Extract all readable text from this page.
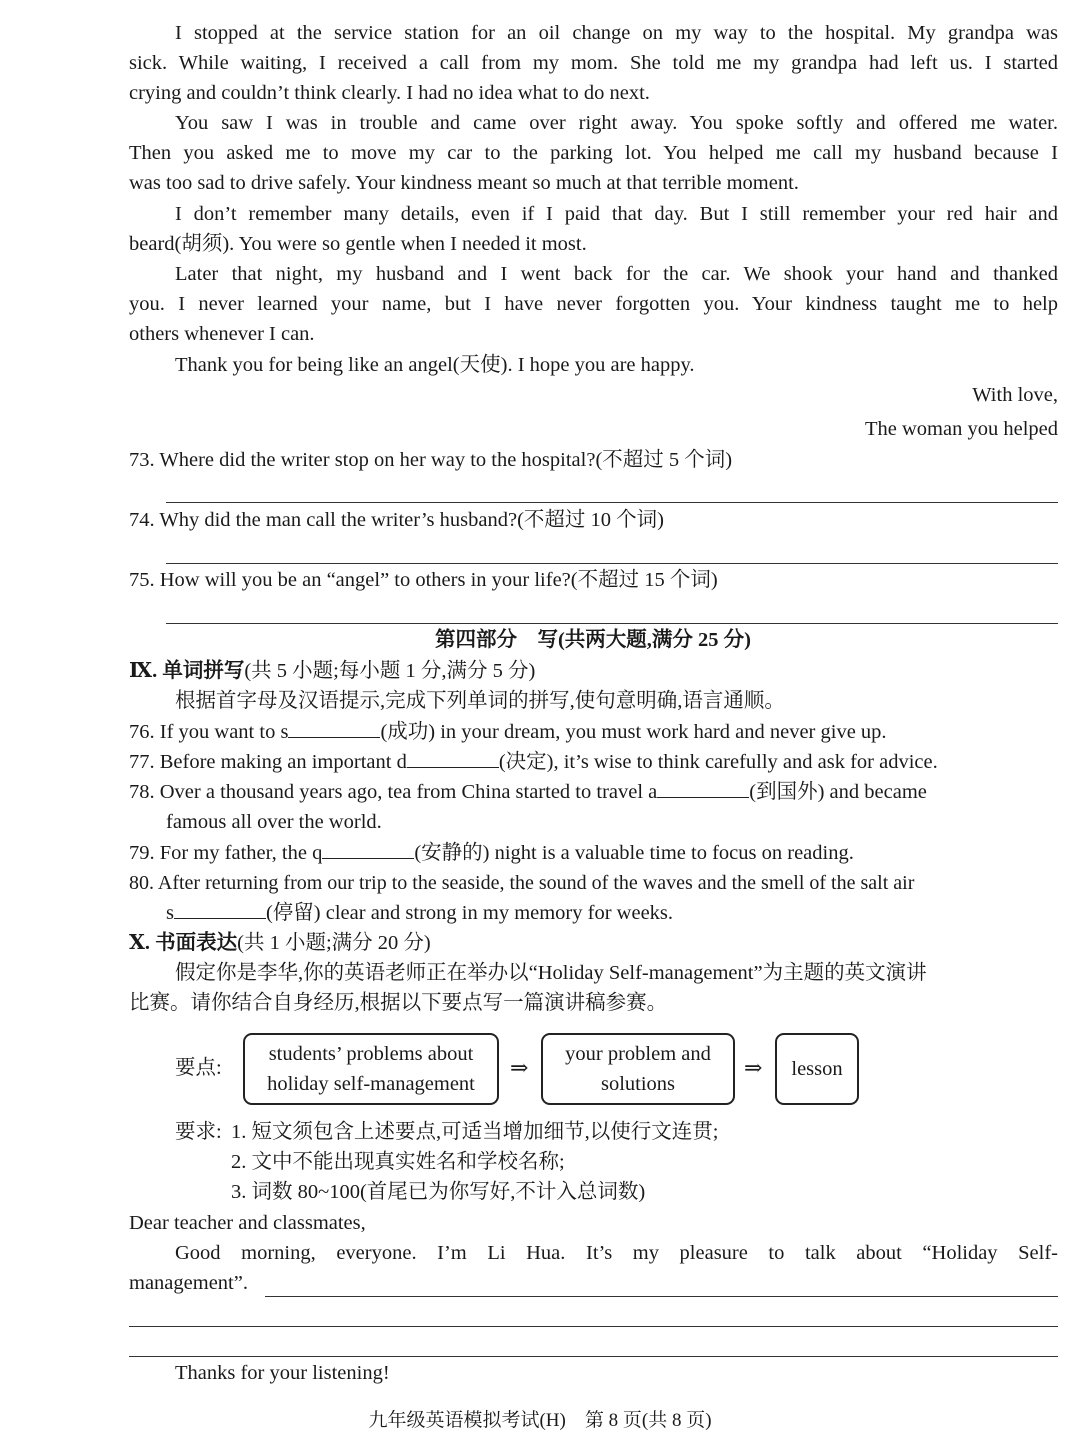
I stopped at the service station for an oil change on my way to the hospital. My grandpa was
sick. While waiting, I received a call from my mom. She told me my grandpa had left us. I started
crying and couldn’t think clearly. I had no idea what to do next.
You saw I was in trouble and came over right away. You spoke softly and offered me water.
Then you asked me to move my car to the parking lot. You helped me call my husband because I
was too sad to drive safely. Your kindness meant so much at that terrible moment.
I don’t remember many details, even if I paid that day. But I still remember your red hair and
beard(胡须). You were so gentle when I needed it most.
Later that night, my husband and I went back for the car. We shook your hand and thanked
you. I never learned your name, but I have never forgotten you. Your kindness taught me to help
others whenever I can.
Thank you for being like an angel(天使). I hope you are happy.
With love,
The woman you helped
73. Where did the writer stop on her way to the hospital?(不超过 5 个词)
74. Why did the man call the writer’s husband?(不超过 10 个词)
75. How will you be an “angel” to others in your life?(不超过 15 个词)
第四部分　写(共两大题,满分 25 分)
Ⅸ. 单词拼写(共 5 小题;每小题 1 分,满分 5 分)
根据首字母及汉语提示,完成下列单词的拼写,使句意明确,语言通顺。
76. If you want to s	(成功) in your dream, you must work hard and never give up.
77. Before making an important d	(决定), it’s wise to think carefully and ask for advice.
78. Over a thousand years ago, tea from China started to travel a	(到国外) and became
famous all over the world.
79. For my father, the q	(安静的) night is a valuable time to focus on reading.
80. After returning from our trip to the seaside, the sound of the waves and the smell of the salt air
s	(停留) clear and strong in my memory for weeks.
Ⅹ. 书面表达(共 1 小题;满分 20 分)
假定你是李华,你的英语老师正在举办以“Holiday Self-management”为主题的英文演讲
比赛。请你结合自身经历,根据以下要点写一篇演讲稿参赛。
要点:
students’ problems about
holiday self-management
⇒
your problem and
solutions
⇒	lesson
要求: 1. 短文须包含上述要点,可适当增加细节,以使行文连贯;
2. 文中不能出现真实姓名和学校名称;
3. 词数 80~100(首尾已为你写好,不计入总词数)
Dear teacher and classmates,
Good morning, everyone. I’m Li Hua. It’s my pleasure to talk about “Holiday Self-
management”.
Thanks for your listening!
九年级英语模拟考试(H)　第 8 页(共 8 页)
